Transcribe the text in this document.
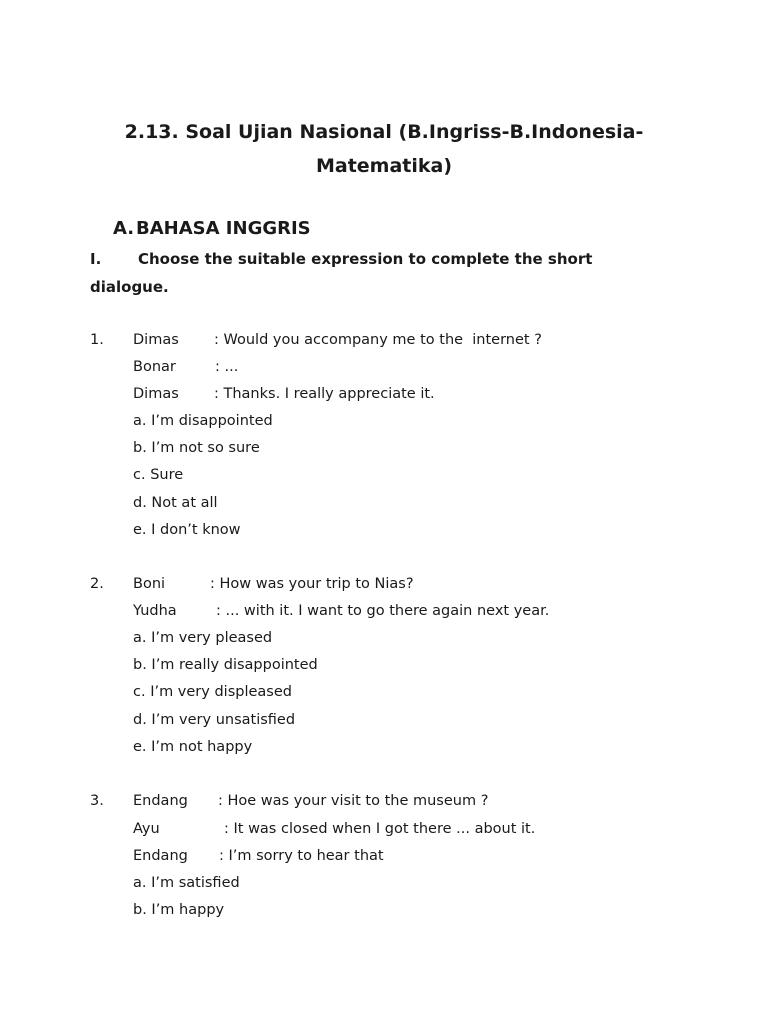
2.13. Soal Ujian Nasional (B.Ingriss-B.Indonesia-
Matematika)
A. BAHASA INGGRIS
I. Choose the suitable expression to complete the short
dialogue.
1. Dimas : Would you accompany me to the  internet ?
Bonar	: ...
Dimas : Thanks. I really appreciate it.
a. I’m disappointed
b. I’m not so sure
c. Sure
d. Not at all
e. I don’t know
2. Boni	: How was your trip to Nias?
Yudha	: ... with it. I want to go there again next year.
a. I’m very pleased
b. I’m really disappointed
c. I’m very displeased
d. I’m very unsatisfied
e. I’m not happy
3. Endang : Hoe was your visit to the museum ?
Ayu	: It was closed when I got there ... about it.
Endang : I’m sorry to hear that
a. I’m satisfied
b. I’m happy
